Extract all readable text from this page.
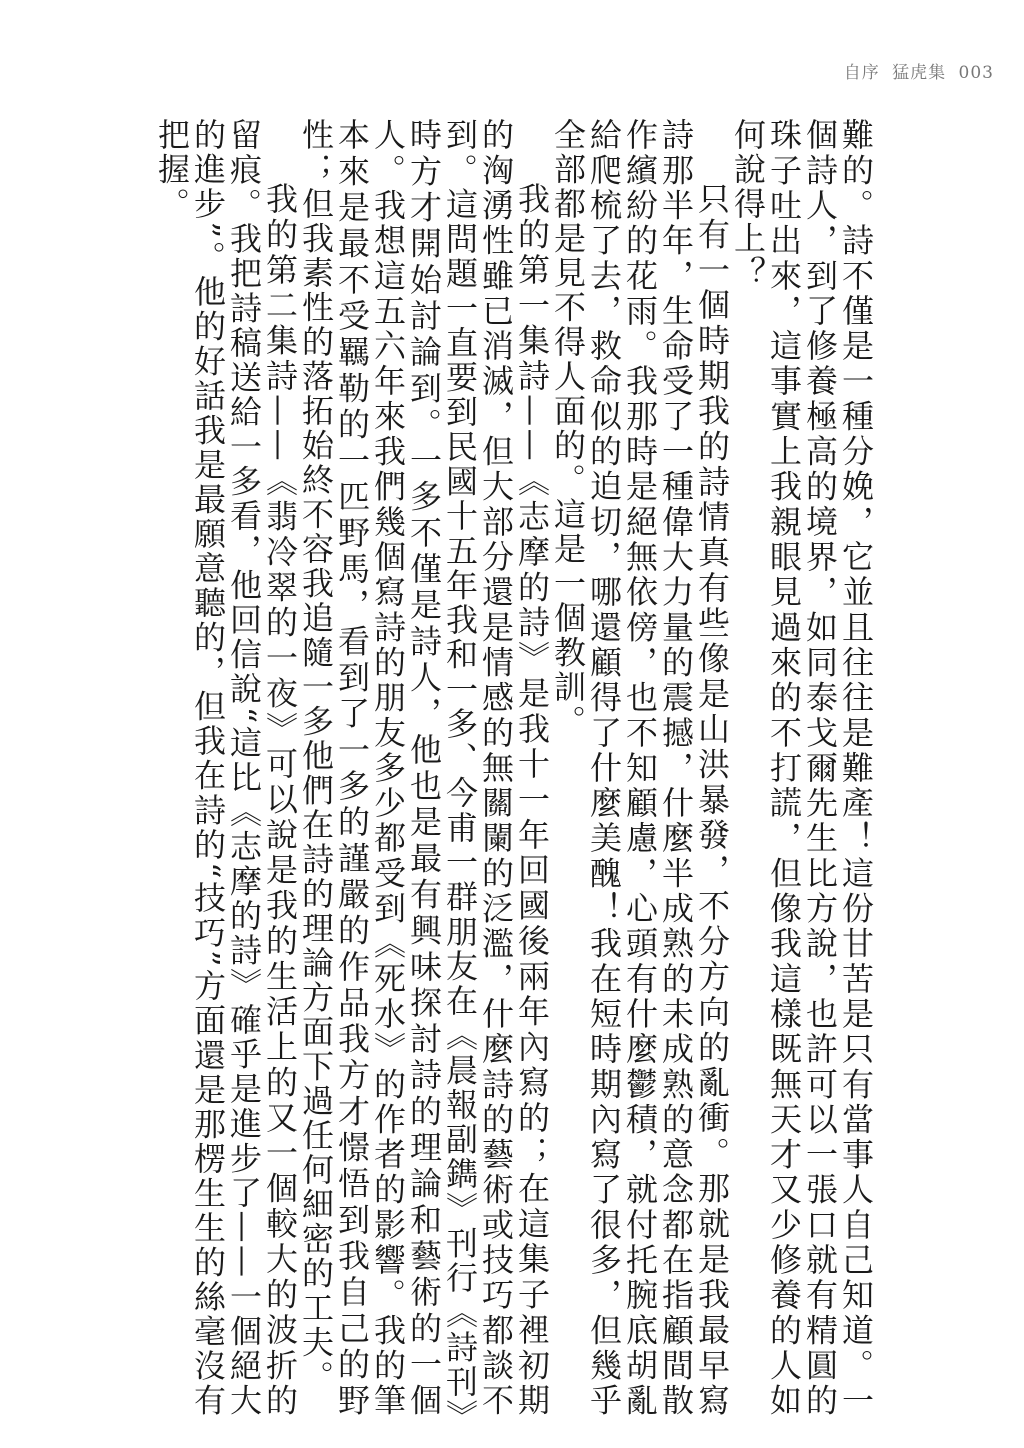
自序 猛虎集 003

難的。詩不僅是一種分娩，它並且往往是難產！這份甘苦是只有當事人自己知道。一個詩人，到了修養極高的境界，如同泰戈爾先生比方說，也許可以一張口就有精圓的珠子吐出來，這事實上我親眼見過來的不打謊，但像我這樣既無天才又少修養的人如何說得上？

只有一個時期我的詩情真有些像是山洪暴發，不分方向的亂衝。那就是我最早寫詩那半年，生命受了一種偉大力量的震撼，什麼半成熟的未成熟的意念都在指顧間散作繽紛的花雨。我那時是絕無依傍，也不知顧慮，心頭有什麼鬱積，就付托腕底胡亂給爬梳了去，救命似的迫切，哪還顧得了什麼美醜！我在短時期內寫了很多，但幾乎全部都是見不得人面的。這是一個教訓。

我的第一集詩——《志摩的詩》是我十一年回國後兩年內寫的；在這集子裡初期的洶湧性雖已消滅，但大部分還是情感的無關闌的泛濫，什麼詩的藝術或技巧都談不到。這問題一直要到民國十五年我和一多、今甫一群朋友在《晨報副鐫》刊行《詩刊》時方才開始討論到。一多不僅是詩人，他也是最有興味探討詩的理論和藝術的一個人。我想這五六年來我們幾個寫詩的朋友多少都受到《死水》的作者的影響。我的筆本來是最不受羈勒的一匹野馬，看到了一多的謹嚴的作品我方才憬悟到我自己的野性；但我素性的落拓始終不容我追隨一多他們在詩的理論方面下過任何細密的工夫。

我的第二集詩——《翡冷翠的一夜》可以說是我的生活上的又一個較大的波折的留痕。我把詩稿送給一多看，他回信說“這比《志摩的詩》確乎是進步了——一個絕大的進步”。他的好話我是最願意聽的，但我在詩的“技巧”方面還是那楞生生的絲毫沒有把握。
